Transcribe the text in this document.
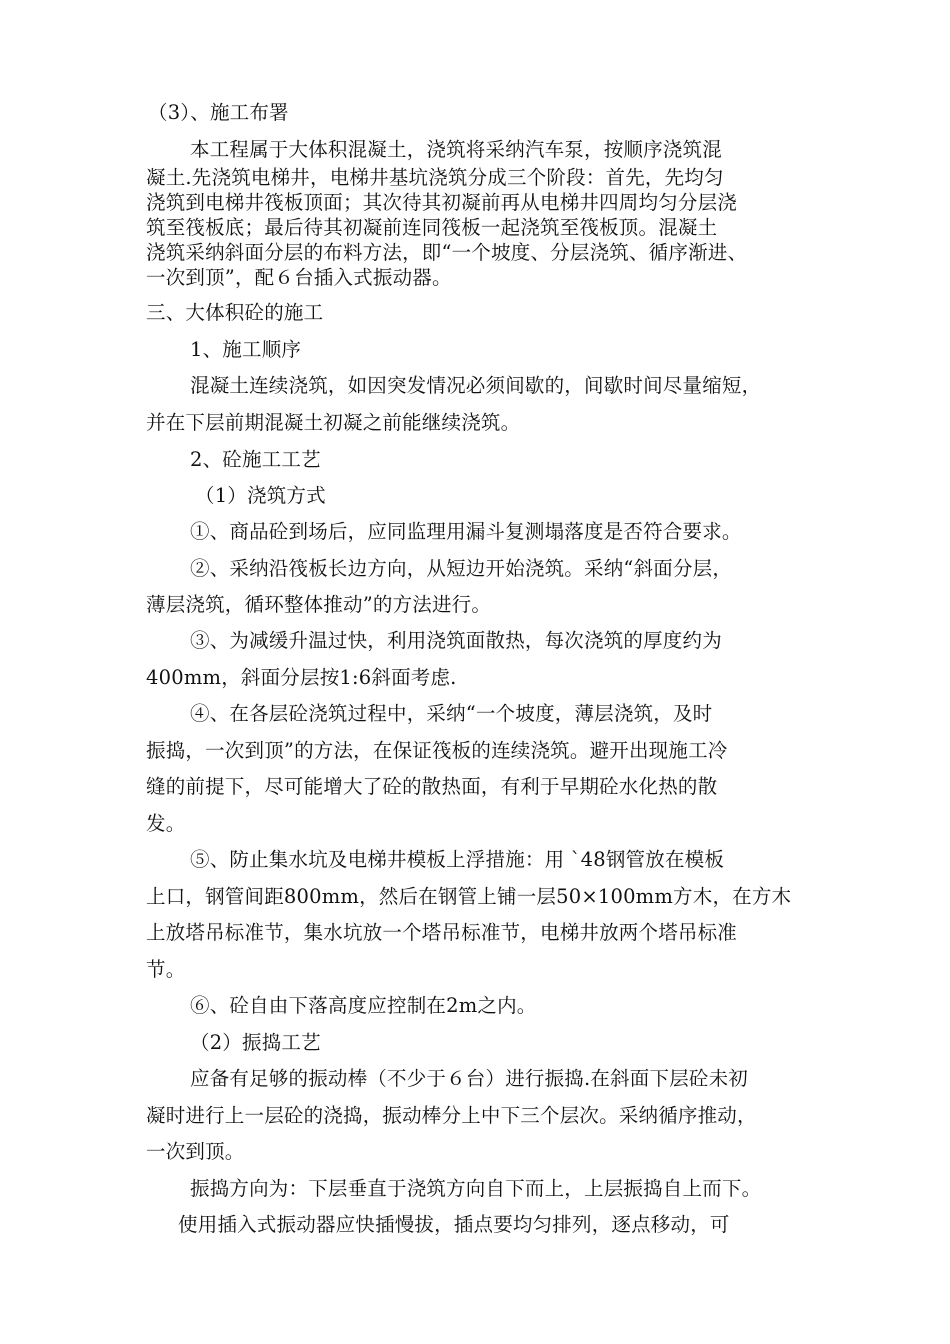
（3）、施工布署
本工程属于大体积混凝土，浇筑将采纳汽车泵，按顺序浇筑混
凝土.先浇筑电梯井，电梯井基坑浇筑分成三个阶段：首先，先均匀
浇筑到电梯井筏板顶面；其次待其初凝前再从电梯井四周均匀分层浇
筑至筏板底；最后待其初凝前连同筏板一起浇筑至筏板顶。混凝土
浇筑采纳斜面分层的布料方法，即“一个坡度、分层浇筑、循序渐进、
一次到顶”，配６台插入式振动器。
三、大体积砼的施工
1、施工顺序
混凝土连续浇筑，如因突发情况必须间歇的，间歇时间尽量缩短，
并在下层前期混凝土初凝之前能继续浇筑。
2、砼施工工艺
（1）浇筑方式
①、商品砼到场后，应同监理用漏斗复测塌落度是否符合要求。
②、采纳沿筏板长边方向，从短边开始浇筑。采纳“斜面分层，
薄层浇筑，循环整体推动”的方法进行。
③、为减缓升温过快，利用浇筑面散热，每次浇筑的厚度约为
400mm，斜面分层按1:6斜面考虑.
④、在各层砼浇筑过程中，采纳“一个坡度，薄层浇筑，及时
振捣，一次到顶”的方法，在保证筏板的连续浇筑。避开出现施工冷
缝的前提下，尽可能增大了砼的散热面，有利于早期砼水化热的散
发。
⑤、防止集水坑及电梯井模板上浮措施：用 `48钢管放在模板
上口，钢管间距800mm，然后在钢管上铺一层50×100mm方木，在方木
上放塔吊标准节，集水坑放一个塔吊标准节，电梯井放两个塔吊标准
节。
⑥、砼自由下落高度应控制在2m之内。
（2）振捣工艺
应备有足够的振动棒（不少于６台）进行振捣.在斜面下层砼未初
凝时进行上一层砼的浇捣，振动棒分上中下三个层次。采纳循序推动，
一次到顶。
振捣方向为：下层垂直于浇筑方向自下而上，上层振捣自上而下。
使用插入式振动器应快插慢拔，插点要均匀排列，逐点移动，可
